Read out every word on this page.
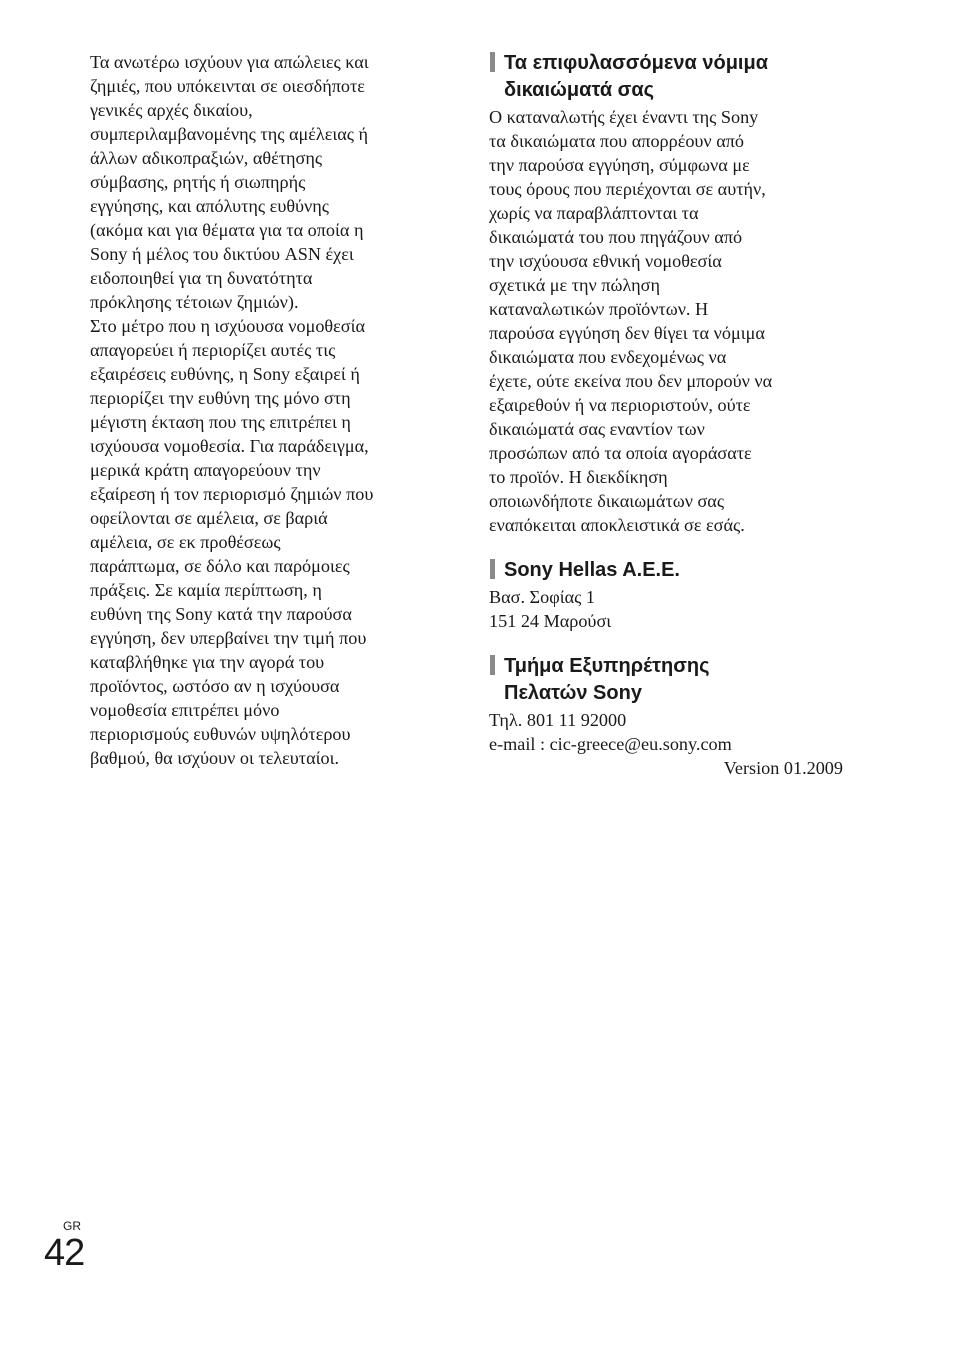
Τα ανωτέρω ισχύουν για απώλειες και
ζημιές, που υπόκεινται σε οιεσδήποτε
γενικές αρχές δικαίου,
συμπεριλαμβανομένης της αμέλειας ή
άλλων αδικοπραξιών, αθέτησης
σύμβασης, ρητής ή σιωπηρής
εγγύησης, και απόλυτης ευθύνης
(ακόμα και για θέματα για τα οποία η
Sony ή μέλος του δικτύου ASN έχει
ειδοποιηθεί για τη δυνατότητα
πρόκλησης τέτοιων ζημιών).
Στο μέτρο που η ισχύουσα νομοθεσία
απαγορεύει ή περιορίζει αυτές τις
εξαιρέσεις ευθύνης, η Sony εξαιρεί ή
περιορίζει την ευθύνη της μόνο στη
μέγιστη έκταση που της επιτρέπει η
ισχύουσα νομοθεσία. Για παράδειγμα,
μερικά κράτη απαγορεύουν την
εξαίρεση ή τον περιορισμό ζημιών που
οφείλονται σε αμέλεια, σε βαριά
αμέλεια, σε εκ προθέσεως
παράπτωμα, σε δόλο και παρόμοιες
πράξεις. Σε καμία περίπτωση, η
ευθύνη της Sony κατά την παρούσα
εγγύηση, δεν υπερβαίνει την τιμή που
καταβλήθηκε για την αγορά του
προϊόντος, ωστόσο αν η ισχύουσα
νομοθεσία επιτρέπει μόνο
περιορισμούς ευθυνών υψηλότερου
βαθμού, θα ισχύουν οι τελευταίοι.
Τα επιφυλασσόμενα νόμιμα
δικαιώματά σας
Ο καταναλωτής έχει έναντι της Sony
τα δικαιώματα που απορρέουν από
την παρούσα εγγύηση, σύμφωνα με
τους όρους που περιέχονται σε αυτήν,
χωρίς να παραβλάπτονται τα
δικαιώματά του που πηγάζουν από
την ισχύουσα εθνική νομοθεσία
σχετικά με την πώληση
καταναλωτικών προϊόντων. Η
παρούσα εγγύηση δεν θίγει τα νόμιμα
δικαιώματα που ενδεχομένως να
έχετε, ούτε εκείνα που δεν μπορούν να
εξαιρεθούν ή να περιοριστούν, ούτε
δικαιώματά σας εναντίον των
προσώπων από τα οποία αγοράσατε
το προϊόν. Η διεκδίκηση
οποιωνδήποτε δικαιωμάτων σας
εναπόκειται αποκλειστικά σε εσάς.
Sony Hellas A.E.E.
Βασ. Σοφίας 1
151 24 Μαρούσι
Τμήμα Εξυπηρέτησης
Πελατών Sony
Τηλ. 801 11 92000
e-mail : cic-greece@eu.sony.com
Version 01.2009
GR
42
